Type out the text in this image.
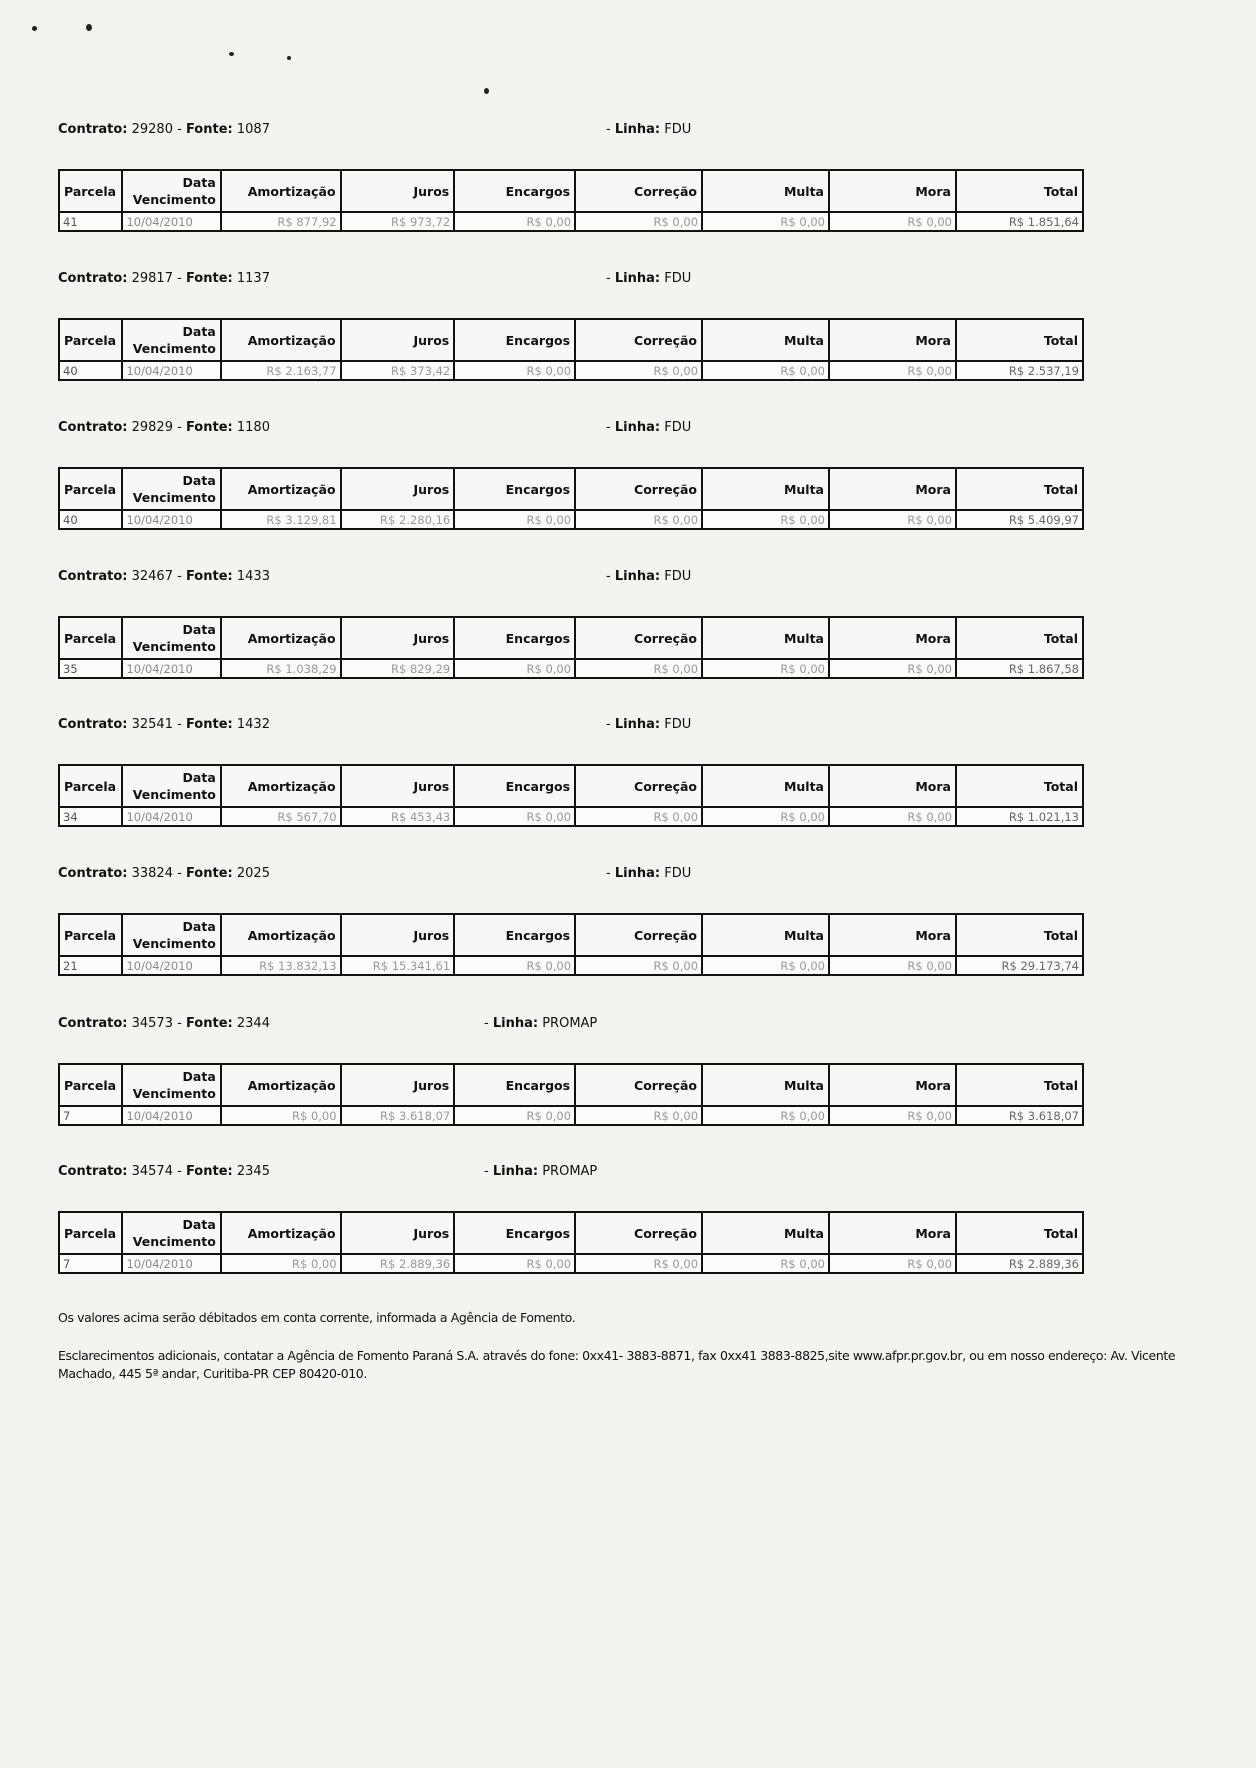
Contrato: 29280 - Fonte: 1087	- Linha: FDU
Parcela	Data Vencimento	Amortização	Juros	Encargos	Correção	Multa	Mora	Total
41	10/04/2010	R$ 877,92	R$ 973,72	R$ 0,00	R$ 0,00	R$ 0,00	R$ 0,00	R$ 1.851,64
Contrato: 29817 - Fonte: 1137	- Linha: FDU
Parcela	Data Vencimento	Amortização	Juros	Encargos	Correção	Multa	Mora	Total
40	10/04/2010	R$ 2.163,77	R$ 373,42	R$ 0,00	R$ 0,00	R$ 0,00	R$ 0,00	R$ 2.537,19
Contrato: 29829 - Fonte: 1180	- Linha: FDU
Parcela	Data Vencimento	Amortização	Juros	Encargos	Correção	Multa	Mora	Total
40	10/04/2010	R$ 3.129,81	R$ 2.280,16	R$ 0,00	R$ 0,00	R$ 0,00	R$ 0,00	R$ 5.409,97
Contrato: 32467 - Fonte: 1433	- Linha: FDU
Parcela	Data Vencimento	Amortização	Juros	Encargos	Correção	Multa	Mora	Total
35	10/04/2010	R$ 1.038,29	R$ 829,29	R$ 0,00	R$ 0,00	R$ 0,00	R$ 0,00	R$ 1.867,58
Contrato: 32541 - Fonte: 1432	- Linha: FDU
Parcela	Data Vencimento	Amortização	Juros	Encargos	Correção	Multa	Mora	Total
34	10/04/2010	R$ 567,70	R$ 453,43	R$ 0,00	R$ 0,00	R$ 0,00	R$ 0,00	R$ 1.021,13
Contrato: 33824 - Fonte: 2025	- Linha: FDU
Parcela	Data Vencimento	Amortização	Juros	Encargos	Correção	Multa	Mora	Total
21	10/04/2010	R$ 13.832,13	R$ 15.341,61	R$ 0,00	R$ 0,00	R$ 0,00	R$ 0,00	R$ 29.173,74
Contrato: 34573 - Fonte: 2344	- Linha: PROMAP
Parcela	Data Vencimento	Amortização	Juros	Encargos	Correção	Multa	Mora	Total
7	10/04/2010	R$ 0,00	R$ 3.618,07	R$ 0,00	R$ 0,00	R$ 0,00	R$ 0,00	R$ 3.618,07
Contrato: 34574 - Fonte: 2345	- Linha: PROMAP
Parcela	Data Vencimento	Amortização	Juros	Encargos	Correção	Multa	Mora	Total
7	10/04/2010	R$ 0,00	R$ 2.889,36	R$ 0,00	R$ 0,00	R$ 0,00	R$ 0,00	R$ 2.889,36
Os valores acima serão débitados em conta corrente, informada a Agência de Fomento.
Esclarecimentos adicionais, contatar a Agência de Fomento Paraná S.A. através do fone: 0xx41- 3883-8871, fax 0xx41 3883-8825,site www.afpr.pr.gov.br, ou em nosso endereço: Av. Vicente
Machado, 445 5ª andar, Curitiba-PR CEP 80420-010.
